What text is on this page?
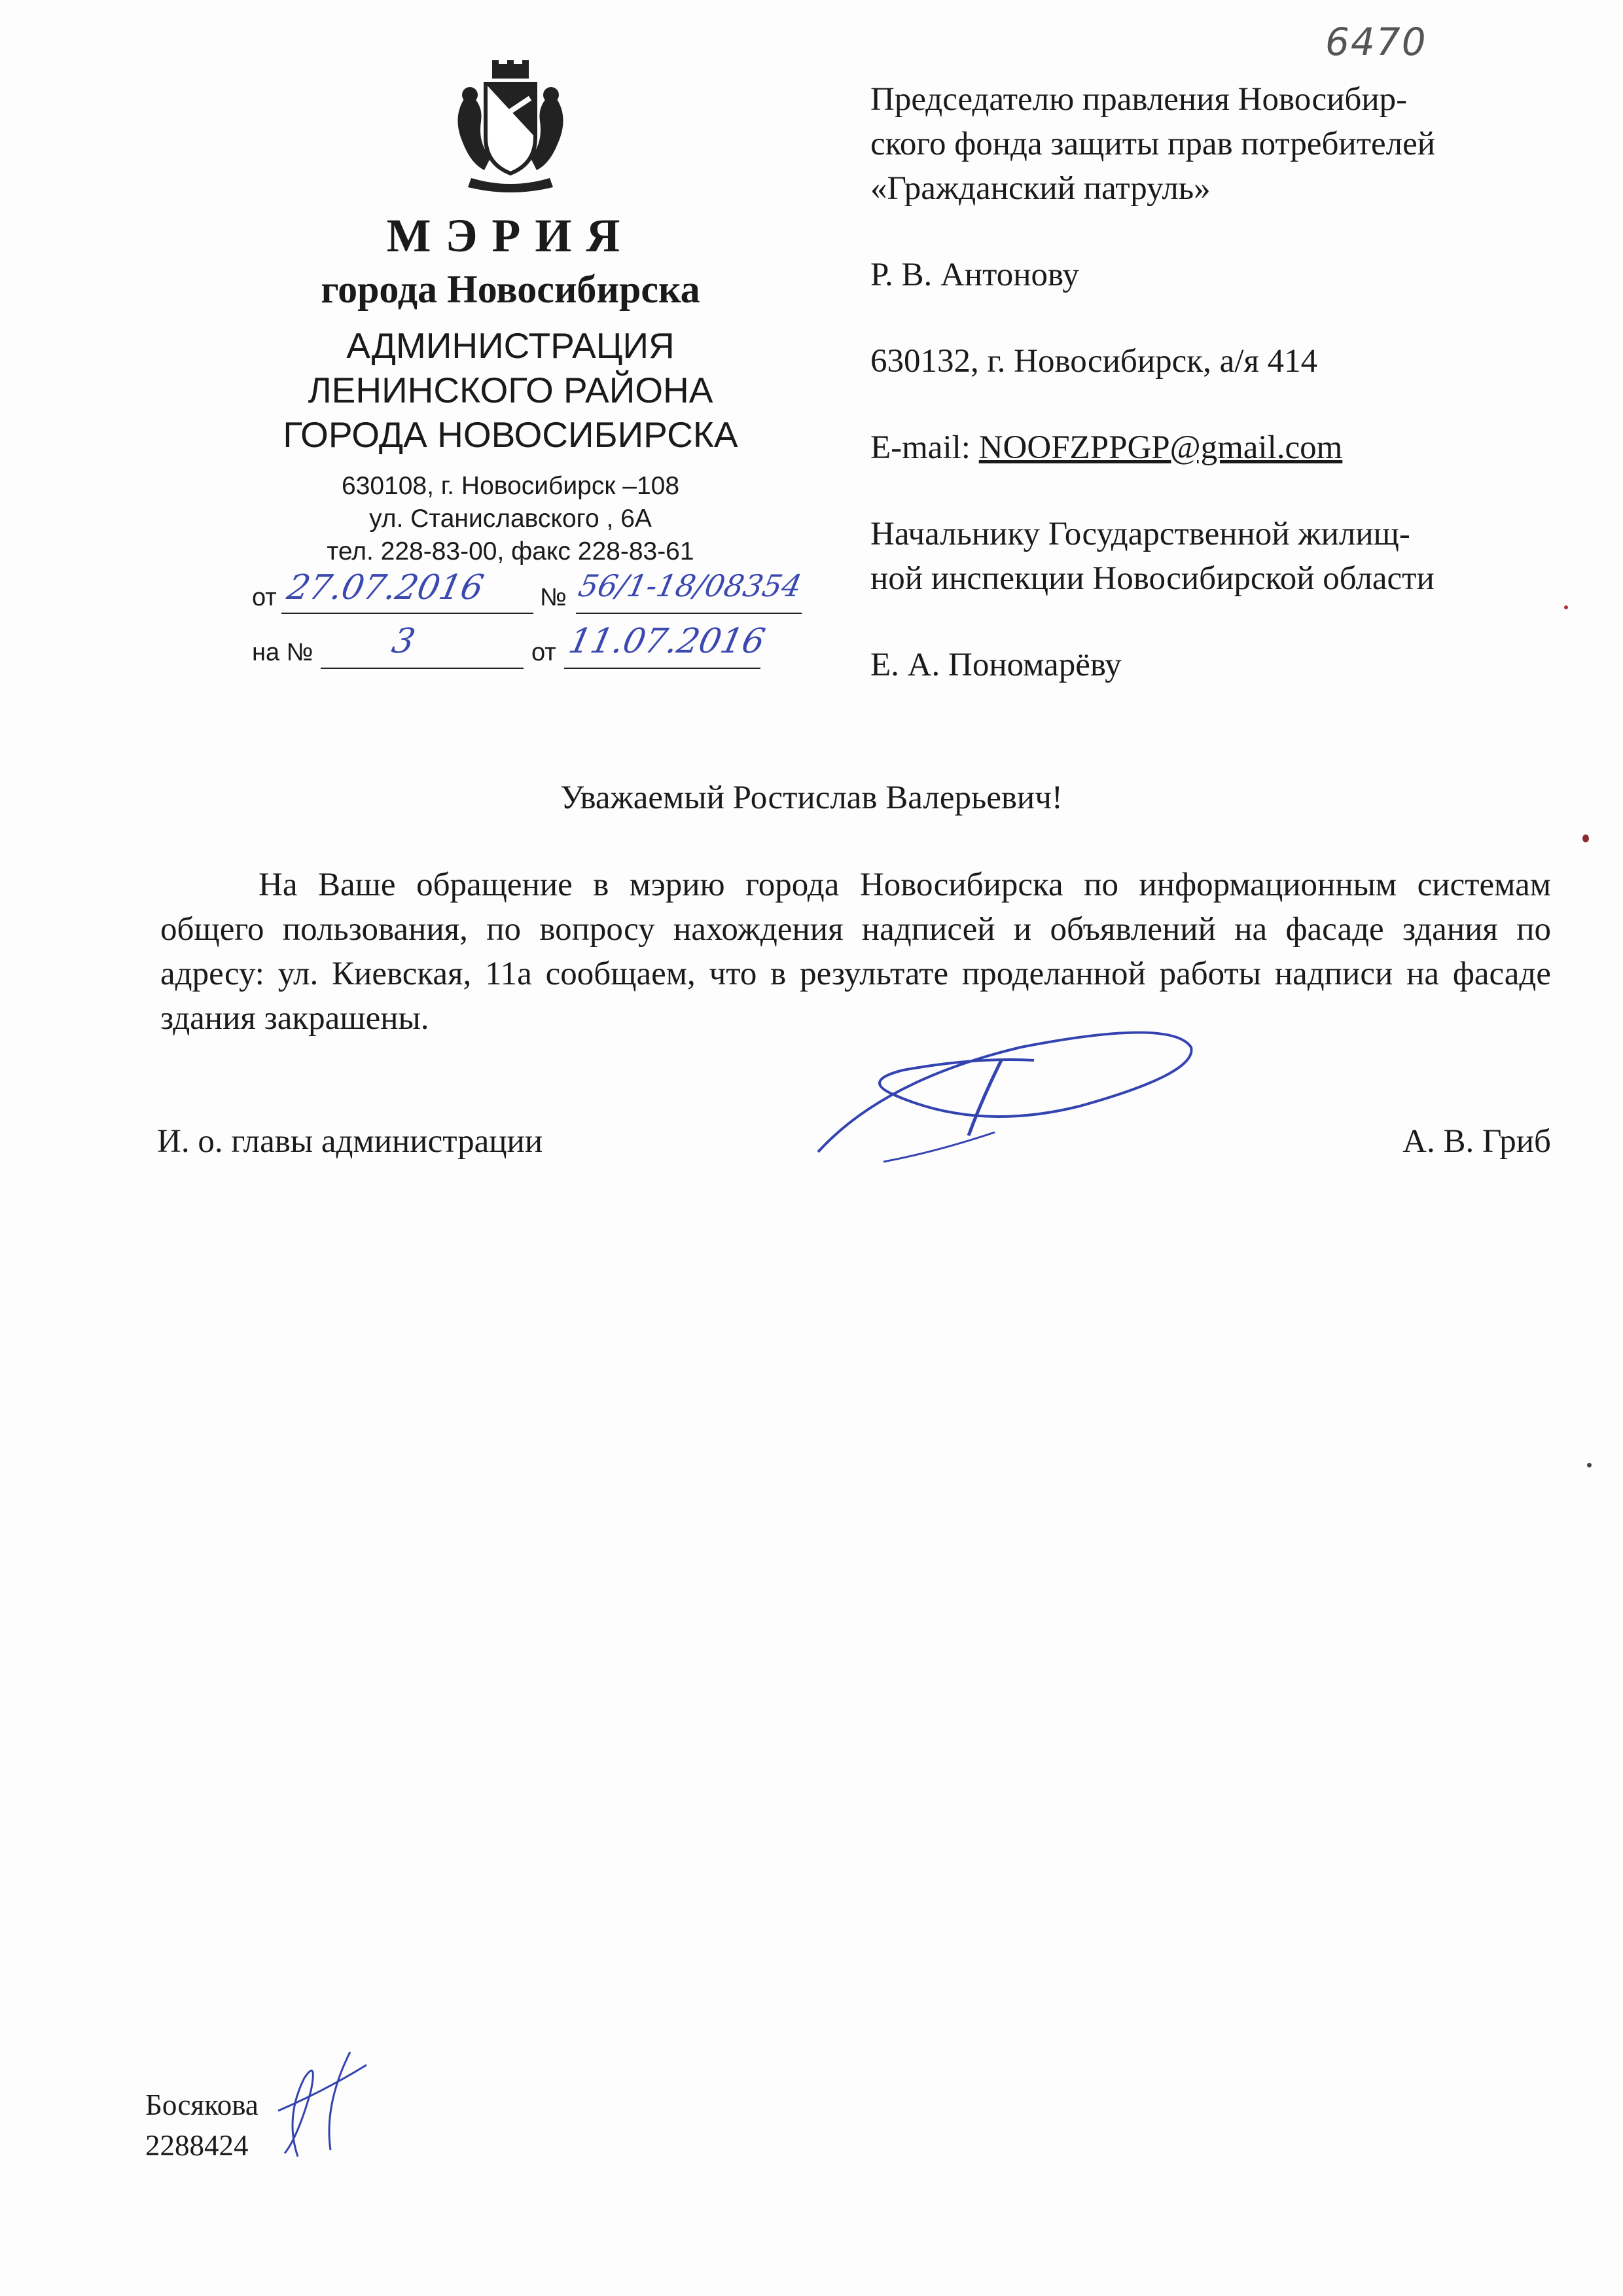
6470
МЭРИЯ
города Новосибирска
АДМИНИСТРАЦИЯ
ЛЕНИНСКОГО РАЙОНА
ГОРОДА НОВОСИБИРСКА
630108, г. Новосибирск –108
ул. Станиславского , 6А
тел. 228-83-00, факс 228-83-61
от 27.07.2016 № 56/1-18/08354
на № 3	от 11.07.2016

Председателю правления Новосибир-

ского фонда защиты прав потребителей

«Гражданский патруль»

Р. В. Антонову

630132, г. Новосибирск, а/я 414

E-mail: NOOFZPPGP@gmail.com

Начальнику Государственной жилищ-

ной инспекции Новосибирской области

Е. А. Пономарёву

Уважаемый Ростислав Валерьевич!

На Ваше обращение в мэрию города Новосибирска по информационным системам общего пользования, по вопросу нахождения надписей и объявлений на фасаде здания по адресу: ул. Киевская, 11а сообщаем, что в результате проделанной работы надписи на фасаде здания закрашены.

И. о. главы администрации	А. В. Гриб
Босякова
2288424
